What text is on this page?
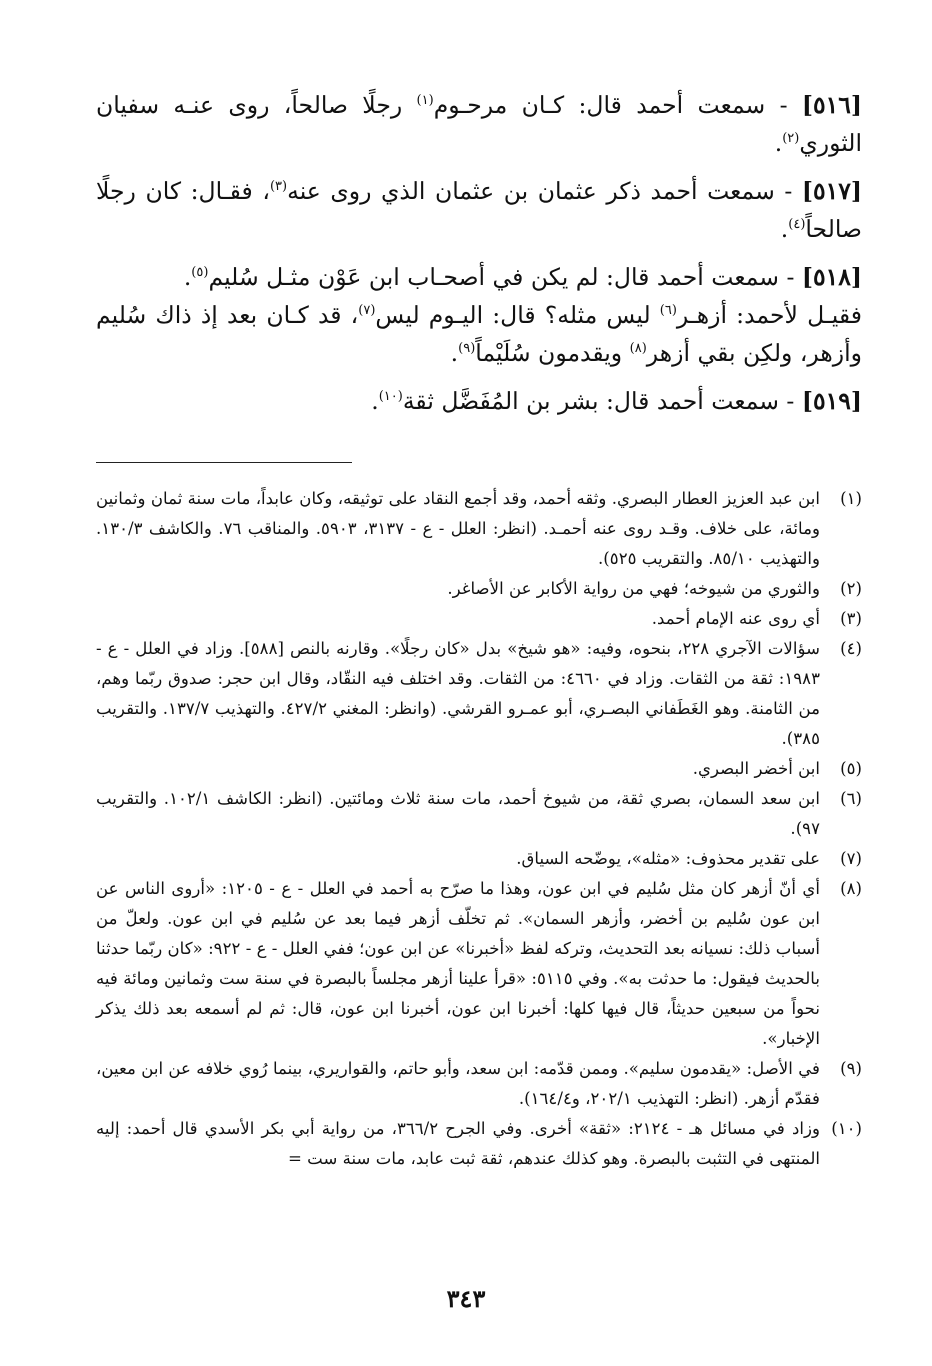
[٥١٦] - سمعت أحمد قال: كـان مرحـوم$^{(١)}$ رجلًا صالحاً، روى عنـه سفيان الثوري$^{(٢)}$.

[٥١٧] - سمعت أحمد ذكر عثمان بن عثمان الذي روى عنه$^{(٣)}$، فقـال: كان رجلًا صالحاً$^{(٤)}$.

[٥١٨] - سمعت أحمد قال: لم يكن في أصحـاب ابن عَوْن مثـل سُليم$^{(٥)}$.

فقيـل لأحمد: أزهـر$^{(٦)}$ ليس مثله؟ قال: اليـوم ليس$^{(٧)}$، قد كـان بعد إذ ذاك سُليم وأزهر، ولكِن بقي أزهر$^{(٨)}$ ويقدمون سُلَيْماً$^{(٩)}$.

[٥١٩] - سمعت أحمد قال: بشر بن المُفَضَّل ثقة$^{(١٠)}$.

(١)
ابن عبد العزيز العطار البصري. وثقه أحمد، وقد أجمع النقاد على توثيقه، وكان عابداً، مات سنة ثمان وثمانين ومائة، على خلاف. وقـد روى عنه أحمـد. (انظر: العلل - ع - ٣١٣٧، ٥٩٠٣. والمناقب ٧٦. والكاشف ١٣٠/٣. والتهذيب ٨٥/١٠. والتقريب ٥٢٥).
(٢)
والثوري من شيوخه؛ فهي من رواية الأكابر عن الأصاغر.
(٣)
أي روى عنه الإمام أحمد.
(٤)
سؤالات الآجري ٢٢٨، بنحوه، وفيه: «هو شيخ» بدل «كان رجلًا». وقارنه بالنص [٥٨٨]. وزاد في العلل - ع - ١٩٨٣: ثقة من الثقات. وزاد في ٤٦٦٠: من الثقات. وقد اختلف فيه النقّاد، وقال ابن حجر: صدوق ربّما وهم، من الثامنة. وهو الغَطَفاني البصـري، أبو عمـرو القرشي. (وانظر: المغني ٤٢٧/٢. والتهذيب ١٣٧/٧. والتقريب ٣٨٥).
(٥)
ابن أخضر البصري.
(٦)
ابن سعد السمان، بصري ثقة، من شيوخ أحمد، مات سنة ثلاث ومائتين. (انظر: الكاشف ١٠٢/١. والتقريب ٩٧).
(٧)
على تقدير محذوف: «مثله»، يوضّحه السياق.
(٨)
أي أنّ أزهر كان مثل سُليم في ابن عون، وهذا ما صرّح به أحمد في العلل - ع - ١٢٠٥: «أروى الناس عن ابن عون سُليم بن أخضر، وأزهر السمان». ثم تخلّف أزهر فيما بعد عن سُليم في ابن عون. ولعلّ من أسباب ذلك: نسيانه بعد التحديث، وتركه لفظ «أخبرنا» عن ابن عون؛ ففي العلل - ع - ٩٢٢: «كان ربّما حدثنا بالحديث فيقول: ما حدثت به». وفي ٥١١٥: «قرأ علينا أزهر مجلساً بالبصرة في سنة ست وثمانين ومائة فيه نحواً من سبعين حديثاً، قال فيها كلها: أخبرنا ابن عون، أخبرنا ابن عون، قال: ثم لم أسمعه بعد ذلك يذكر الإخبار».
(٩)
في الأصل: «يقدمون سليم». وممن قدّمه: ابن سعد، وأبو حاتم، والقواريري، بينما رُوي خلافه عن ابن معين، فقدّم أزهر. (انظر: التهذيب ٢٠٢/١، و١٦٤/٤).
(١٠)
وزاد في مسائل هـ - ٢١٢٤: «ثقة» أخرى. وفي الجرح ٣٦٦/٢، من رواية أبي بكر الأسدي قال أحمد: إليه المنتهى في التثبت بالبصرة. وهو كذلك عندهم، ثقة ثبت عابد، مات سنة ست =
٣٤٣
